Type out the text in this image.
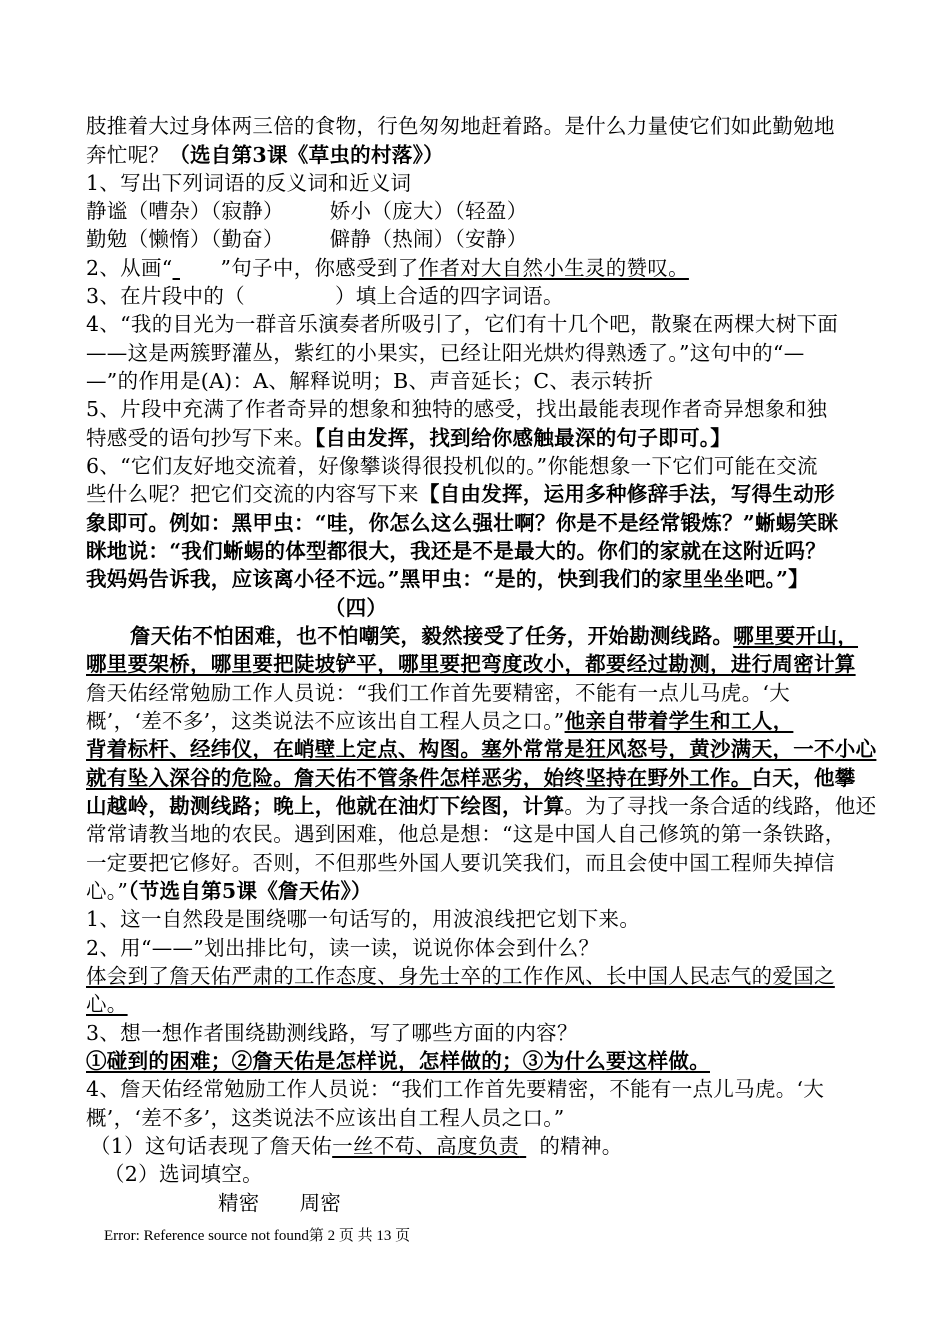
肢推着大过身体两三倍的食物，行色匆匆地赶着路。是什么力量使它们如此勤勉地
奔忙呢？（选自第3课《草虫的村落》）
1、写出下列词语的反义词和近义词
静谧（嘈杂）（寂静） 娇小（庞大）（轻盈）
勤勉（懒惰）（勤奋） 僻静（热闹）（安静）
2、从画“ ”句子中，你感受到了作者对大自然小生灵的赞叹。
3、在片段中的（	）填上合适的四字词语。
4、“我的目光为一群音乐演奏者所吸引了，它们有十几个吧，散聚在两棵大树下面
——这是两簇野灌丛，紫红的小果实，已经让阳光烘灼得熟透了。”这句中的“—
—”的作用是(A)：A、解释说明；B、声音延长；C、表示转折
5、片段中充满了作者奇异的想象和独特的感受，找出最能表现作者奇异想象和独
特感受的语句抄写下来。【自由发挥，找到给你感触最深的句子即可。】
6、“它们友好地交流着，好像攀谈得很投机似的。”你能想象一下它们可能在交流
些什么呢？把它们交流的内容写下来【自由发挥，运用多种修辞手法，写得生动形
象即可。例如：黑甲虫：“哇，你怎么这么强壮啊？你是不是经常锻炼？”蜥蜴笑眯
眯地说：“我们蜥蜴的体型都很大，我还是不是最大的。你们的家就在这附近吗？
我妈妈告诉我，应该离小径不远。”黑甲虫：“是的，快到我们的家里坐坐吧。”】
（四）
詹天佑不怕困难，也不怕嘲笑，毅然接受了任务，开始勘测线路。哪里要开山，
哪里要架桥，哪里要把陡坡铲平，哪里要把弯度改小，都要经过勘测，进行周密计算
詹天佑经常勉励工作人员说：“我们工作首先要精密，不能有一点儿马虎。‘大
概’，‘差不多’，这类说法不应该出自工程人员之口。”他亲自带着学生和工人，
背着标杆、经纬仪，在峭壁上定点、构图。塞外常常是狂风怒号，黄沙满天，一不小心
就有坠入深谷的危险。詹天佑不管条件怎样恶劣，始终坚持在野外工作。白天，他攀
山越岭，勘测线路；晚上，他就在油灯下绘图，计算。为了寻找一条合适的线路，他还
常常请教当地的农民。遇到困难，他总是想：“这是中国人自己修筑的第一条铁路，
一定要把它修好。否则，不但那些外国人要讥笑我们，而且会使中国工程师失掉信
心。”（节选自第5课《詹天佑》）
1、这一自然段是围绕哪一句话写的，用波浪线把它划下来。
2、用“——”划出排比句，读一读，说说你体会到什么？
体会到了詹天佑严肃的工作态度、身先士卒的工作作风、长中国人民志气的爱国之
心。
3、想一想作者围绕勘测线路，写了哪些方面的内容？
①碰到的困难；②詹天佑是怎样说，怎样做的；③为什么要这样做。
4、詹天佑经常勉励工作人员说：“我们工作首先要精密，不能有一点儿马虎。‘大
概’，‘差不多’，这类说法不应该出自工程人员之口。”
（1）这句话表现了詹天佑一丝不苟、高度负责 的精神。
（2）选词填空。
精密 周密
Error: Reference source not found第 2 页 共 13 页
